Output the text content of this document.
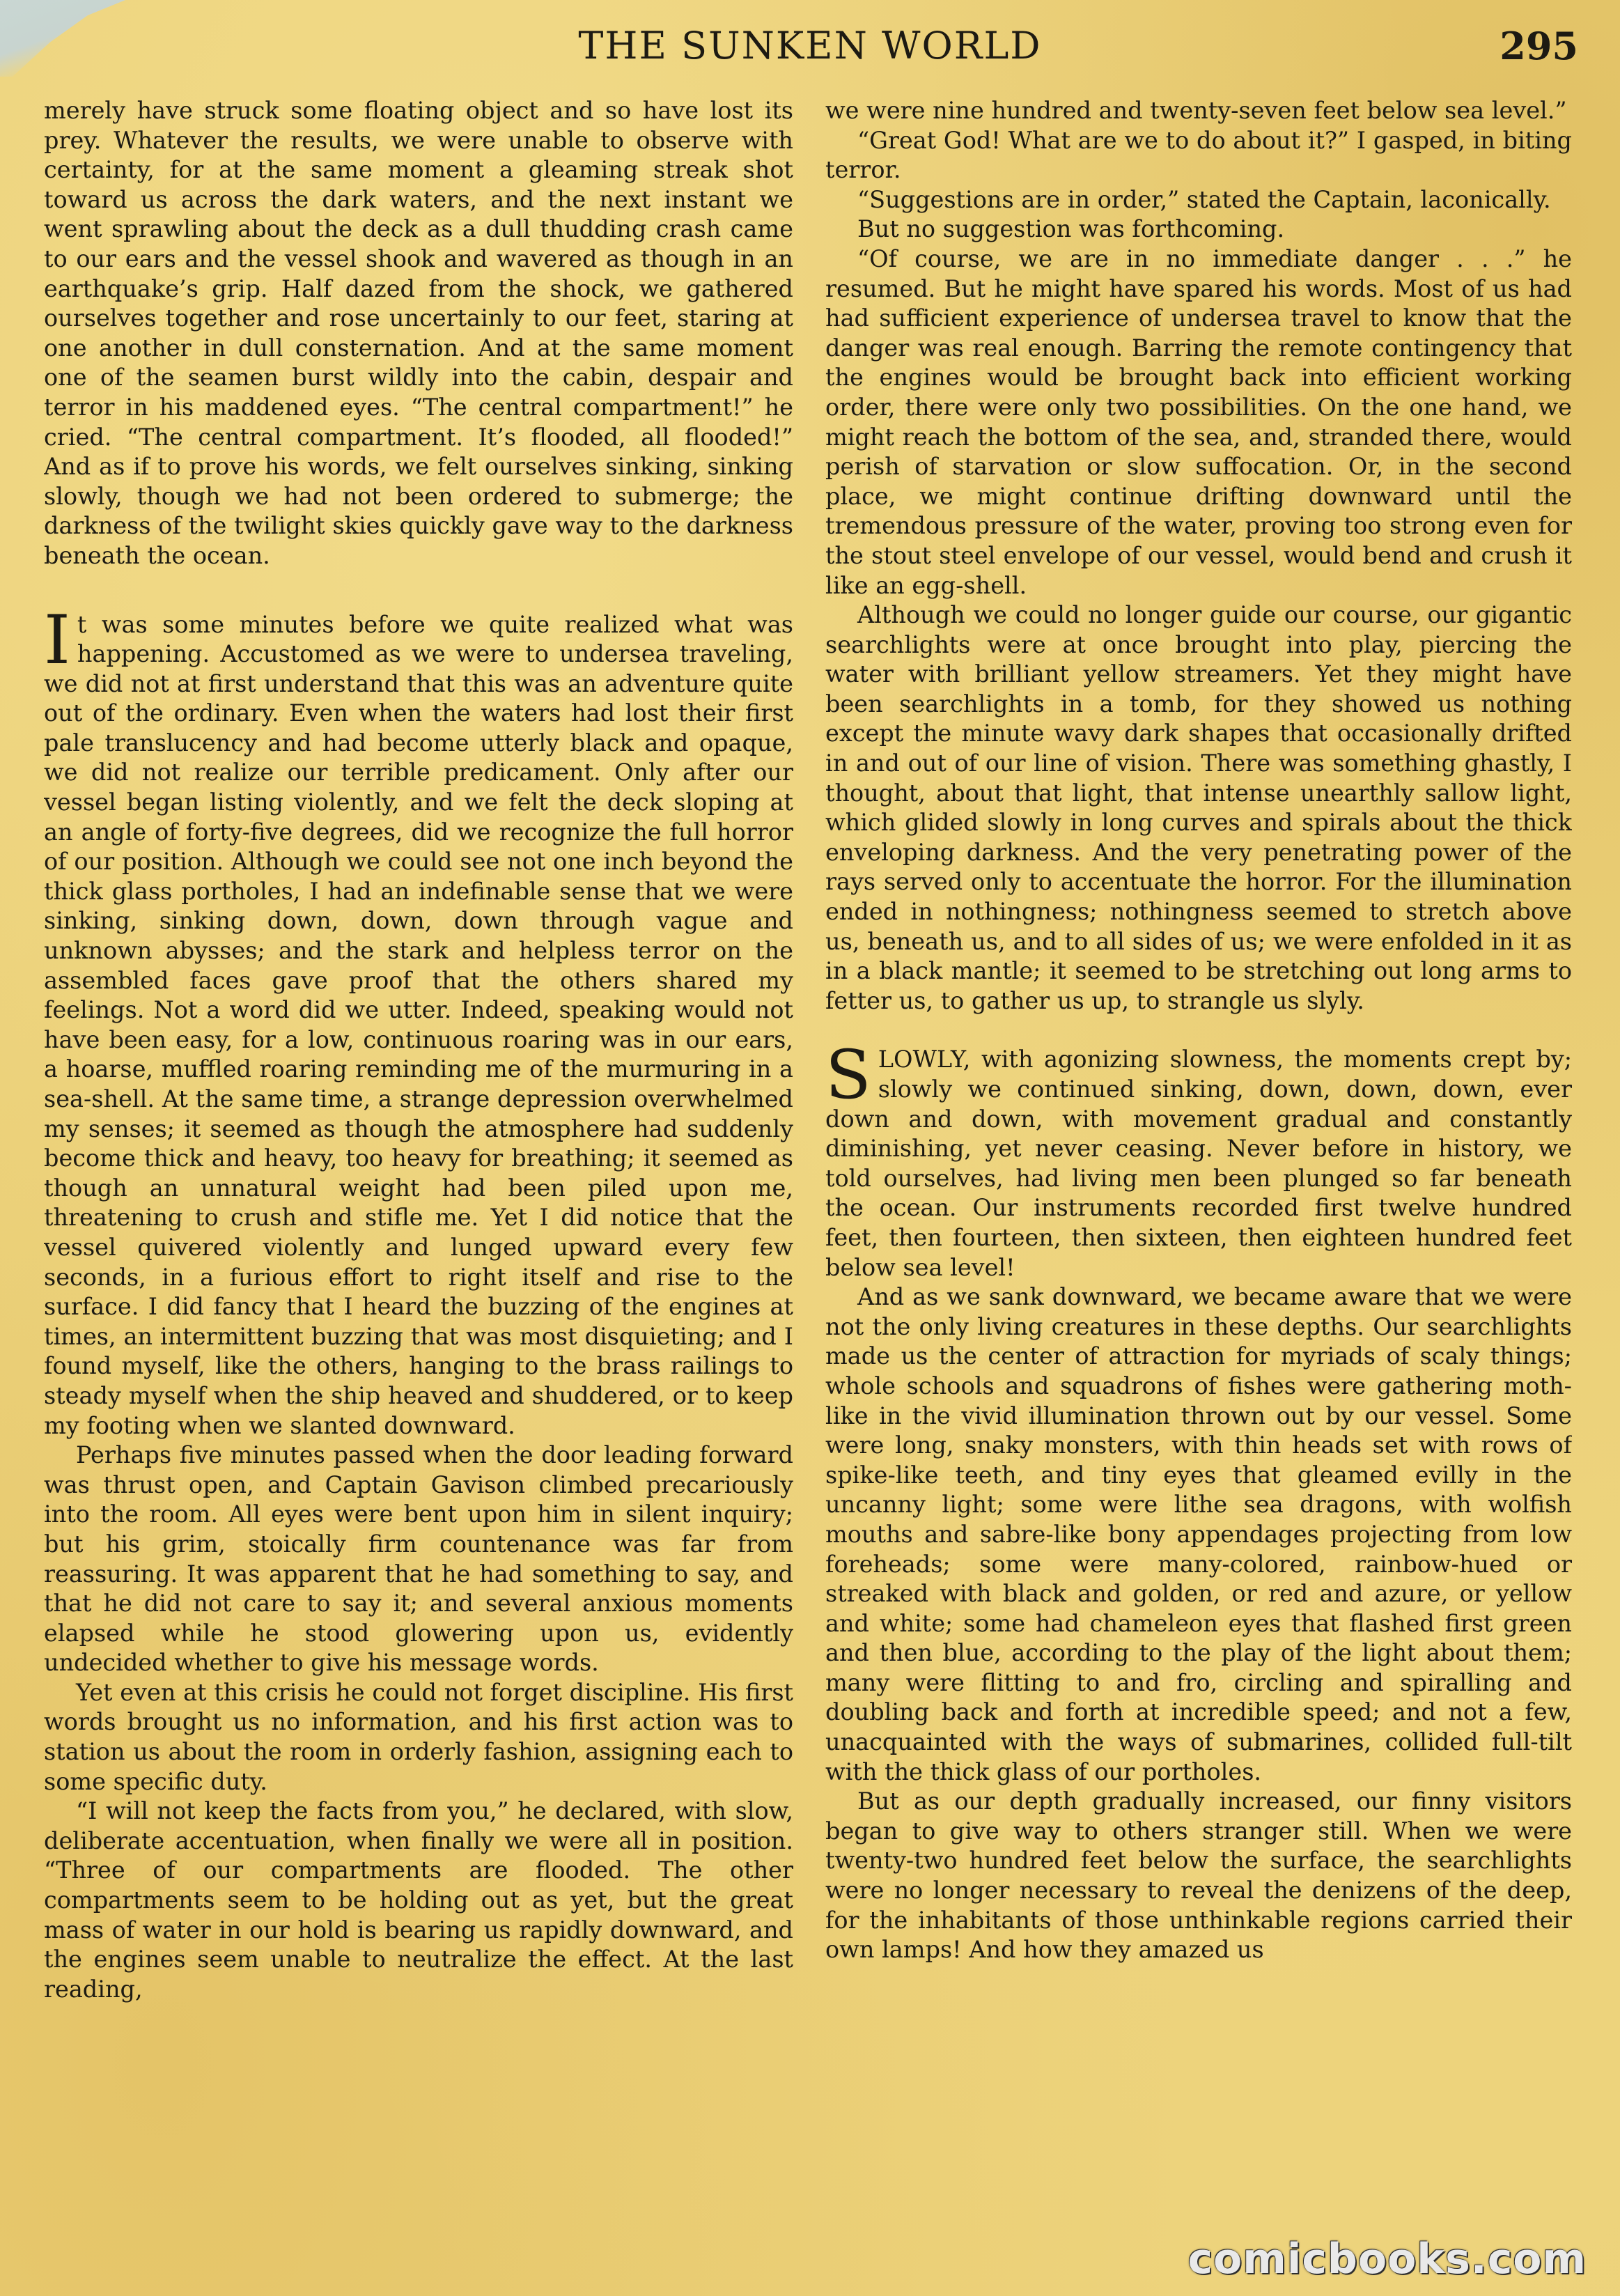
THE SUNKEN WORLD	295

merely have struck some floating object and so have lost its prey. Whatever the results, we were unable to observe with certainty, for at the same moment a gleaming streak shot toward us across the dark waters, and the next instant we went sprawling about the deck as a dull thudding crash came to our ears and the vessel shook and wavered as though in an earthquake’s grip. Half dazed from the shock, we gathered ourselves together and rose uncertainly to our feet, staring at one another in dull consternation. And at the same moment one of the seamen burst wildly into the cabin, despair and terror in his maddened eyes. “The central compartment!” he cried. “The central compartment. It’s flooded, all flooded!” And as if to prove his words, we felt ourselves sinking, sinking slowly, though we had not been ordered to submerge; the darkness of the twilight skies quickly gave way to the darkness beneath the ocean.

It was some minutes before we quite realized what was happening. Accustomed as we were to undersea traveling, we did not at first understand that this was an adventure quite out of the ordinary. Even when the waters had lost their first pale translucency and had become utterly black and opaque, we did not realize our terrible predicament. Only after our vessel began listing violently, and we felt the deck sloping at an angle of forty-five degrees, did we recognize the full horror of our position. Although we could see not one inch beyond the thick glass portholes, I had an indefinable sense that we were sinking, sinking down, down, down through vague and unknown abysses; and the stark and helpless terror on the assembled faces gave proof that the others shared my feelings. Not a word did we utter. Indeed, speaking would not have been easy, for a low, continuous roaring was in our ears, a hoarse, muffled roaring reminding me of the murmuring in a sea-shell. At the same time, a strange depression overwhelmed my senses; it seemed as though the atmosphere had suddenly become thick and heavy, too heavy for breathing; it seemed as though an unnatural weight had been piled upon me, threatening to crush and stifle me. Yet I did notice that the vessel quivered violently and lunged upward every few seconds, in a furious effort to right itself and rise to the surface. I did fancy that I heard the buzzing of the engines at times, an intermittent buzzing that was most disquieting; and I found myself, like the others, hanging to the brass railings to steady myself when the ship heaved and shuddered, or to keep my footing when we slanted downward.

Perhaps five minutes passed when the door leading forward was thrust open, and Captain Gavison climbed precariously into the room. All eyes were bent upon him in silent inquiry; but his grim, stoically firm countenance was far from reassuring. It was apparent that he had something to say, and that he did not care to say it; and several anxious moments elapsed while he stood glowering upon us, evidently undecided whether to give his message words.

Yet even at this crisis he could not forget discipline. His first words brought us no information, and his first action was to station us about the room in orderly fashion, assigning each to some specific duty.

“I will not keep the facts from you,” he declared, with slow, deliberate accentuation, when finally we were all in position. “Three of our compartments are flooded. The other compartments seem to be holding out as yet, but the great mass of water in our hold is bearing us rapidly downward, and the engines seem unable to neutralize the effect. At the last reading,

we were nine hundred and twenty-seven feet below sea level.”

“Great God! What are we to do about it?” I gasped, in biting terror.

“Suggestions are in order,” stated the Captain, laconically.

But no suggestion was forthcoming.

“Of course, we are in no immediate danger . . .” he resumed. But he might have spared his words. Most of us had had sufficient experience of undersea travel to know that the danger was real enough. Barring the remote contingency that the engines would be brought back into efficient working order, there were only two possibilities. On the one hand, we might reach the bottom of the sea, and, stranded there, would perish of starvation or slow suffocation. Or, in the second place, we might continue drifting downward until the tremendous pressure of the water, proving too strong even for the stout steel envelope of our vessel, would bend and crush it like an egg-shell.

Although we could no longer guide our course, our gigantic searchlights were at once brought into play, piercing the water with brilliant yellow streamers. Yet they might have been searchlights in a tomb, for they showed us nothing except the minute wavy dark shapes that occasionally drifted in and out of our line of vision. There was something ghastly, I thought, about that light, that intense unearthly sallow light, which glided slowly in long curves and spirals about the thick enveloping darkness. And the very penetrating power of the rays served only to accentuate the horror. For the illumination ended in nothingness; nothingness seemed to stretch above us, beneath us, and to all sides of us; we were enfolded in it as in a black mantle; it seemed to be stretching out long arms to fetter us, to gather us up, to strangle us slyly.

SLOWLY, with agonizing slowness, the moments crept by; slowly we continued sinking, down, down, down, ever down and down, with movement gradual and constantly diminishing, yet never ceasing. Never before in history, we told ourselves, had living men been plunged so far beneath the ocean. Our instruments recorded first twelve hundred feet, then fourteen, then sixteen, then eighteen hundred feet below sea level!

And as we sank downward, we became aware that we were not the only living creatures in these depths. Our searchlights made us the center of attraction for myriads of scaly things; whole schools and squadrons of fishes were gathering moth-like in the vivid illumination thrown out by our vessel. Some were long, snaky monsters, with thin heads set with rows of spike-like teeth, and tiny eyes that gleamed evilly in the uncanny light; some were lithe sea dragons, with wolfish mouths and sabre-like bony appendages projecting from low foreheads; some were many-colored, rainbow-hued or streaked with black and golden, or red and azure, or yellow and white; some had chameleon eyes that flashed first green and then blue, according to the play of the light about them; many were flitting to and fro, circling and spiralling and doubling back and forth at incredible speed; and not a few, unacquainted with the ways of submarines, collided full-tilt with the thick glass of our portholes.

But as our depth gradually increased, our finny visitors began to give way to others stranger still. When we were twenty-two hundred feet below the surface, the searchlights were no longer necessary to reveal the denizens of the deep, for the inhabitants of those unthinkable regions carried their own lamps! And how they amazed us

comicbooks.com
